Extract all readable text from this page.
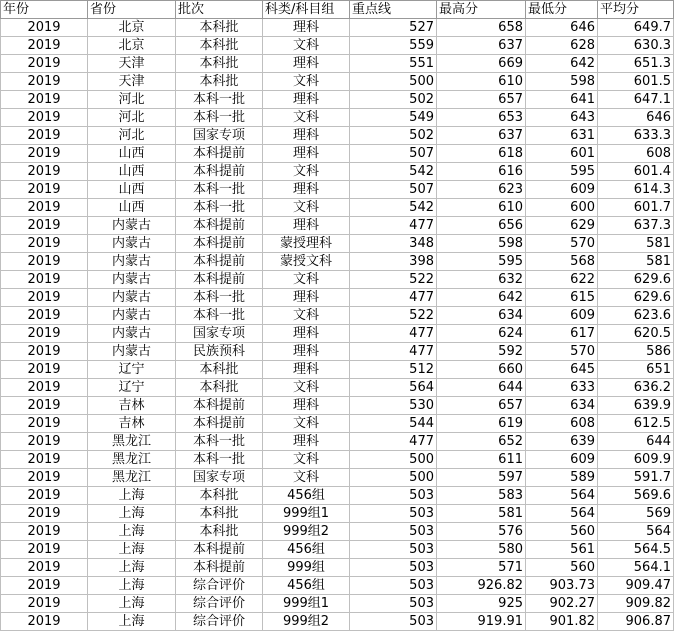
年份	省份	批次	科类/科目组	重点线	最高分	最低分	平均分
2019	北京	本科批	理科	527	658	646	649.7
2019	北京	本科批	文科	559	637	628	630.3
2019	天津	本科批	理科	551	669	642	651.3
2019	天津	本科批	文科	500	610	598	601.5
2019	河北	本科一批	理科	502	657	641	647.1
2019	河北	本科一批	文科	549	653	643	646
2019	河北	国家专项	理科	502	637	631	633.3
2019	山西	本科提前	理科	507	618	601	608
2019	山西	本科提前	文科	542	616	595	601.4
2019	山西	本科一批	理科	507	623	609	614.3
2019	山西	本科一批	文科	542	610	600	601.7
2019	内蒙古	本科提前	理科	477	656	629	637.3
2019	内蒙古	本科提前	蒙授理科	348	598	570	581
2019	内蒙古	本科提前	蒙授文科	398	595	568	581
2019	内蒙古	本科提前	文科	522	632	622	629.6
2019	内蒙古	本科一批	理科	477	642	615	629.6
2019	内蒙古	本科一批	文科	522	634	609	623.6
2019	内蒙古	国家专项	理科	477	624	617	620.5
2019	内蒙古	民族预科	理科	477	592	570	586
2019	辽宁	本科批	理科	512	660	645	651
2019	辽宁	本科批	文科	564	644	633	636.2
2019	吉林	本科提前	理科	530	657	634	639.9
2019	吉林	本科提前	文科	544	619	608	612.5
2019	黑龙江	本科一批	理科	477	652	639	644
2019	黑龙江	本科一批	文科	500	611	609	609.9
2019	黑龙江	国家专项	文科	500	597	589	591.7
2019	上海	本科批	456组	503	583	564	569.6
2019	上海	本科批	999组1	503	581	564	569
2019	上海	本科批	999组2	503	576	560	564
2019	上海	本科提前	456组	503	580	561	564.5
2019	上海	本科提前	999组	503	571	560	564.1
2019	上海	综合评价	456组	503	926.82	903.73	909.47
2019	上海	综合评价	999组1	503	925	902.27	909.82
2019	上海	综合评价	999组2	503	919.91	901.82	906.87
